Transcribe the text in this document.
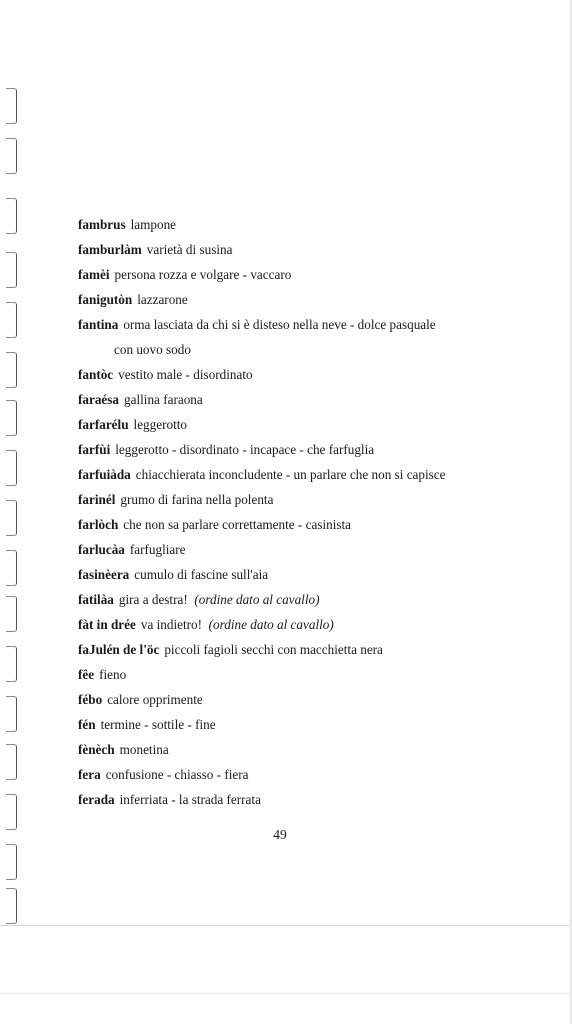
fambrus lampone
famburlàm varietà di susina
famèi persona rozza e volgare - vaccaro
fanigutòn lazzarone
fantina orma lasciata da chi si è disteso nella neve - dolce pasquale
con uovo sodo
fantòc vestito male - disordinato
faraésa gallina faraona
farfarélu leggerotto
farfùi leggerotto - disordinato - incapace - che farfuglia
farfuiàda chiacchierata inconcludente - un parlare che non si capisce
farinél grumo di farina nella polenta
farlòch che non sa parlare correttamente - casinista
farlucàa farfugliare
fasinèera cumulo di fascine sull'aia
fatilàa gira a destra! (ordine dato al cavallo)
fàt in drée va indietro! (ordine dato al cavallo)
faJulén de l'öc piccoli fagioli secchi con macchietta nera
fêe fieno
fébo calore opprimente
fén termine - sottile - fine
fènèch monetina
fera confusione - chiasso - fiera
ferada inferriata - la strada ferrata
49
